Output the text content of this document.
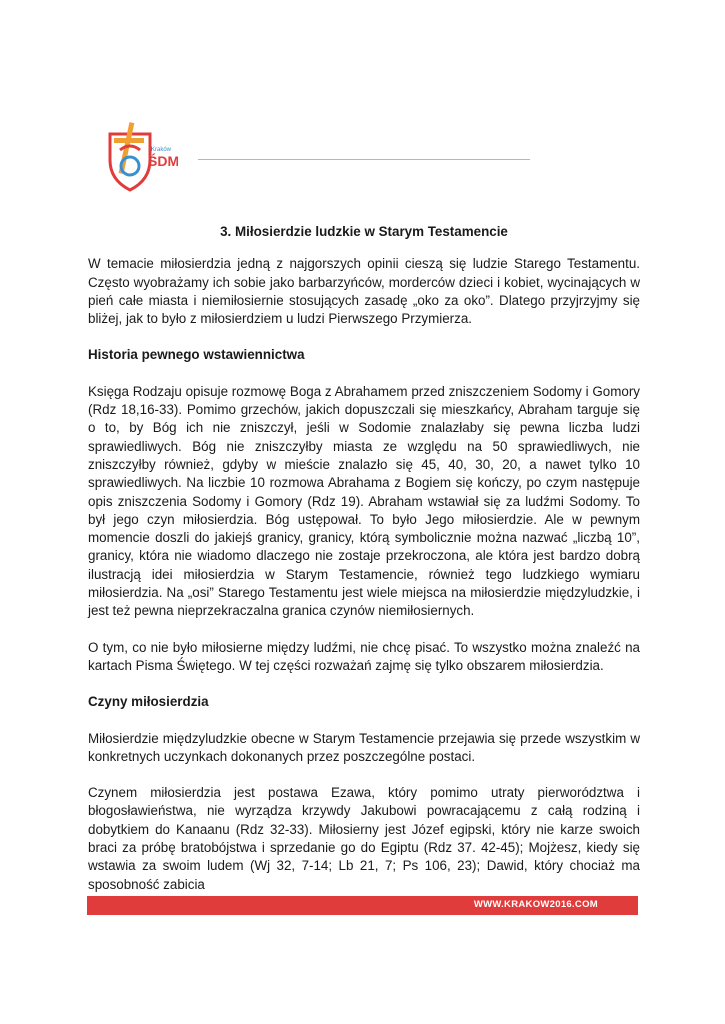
Kraków
ŚDM
3. Miłosierdzie ludzkie w Starym Testamencie
W temacie miłosierdzia jedną z najgorszych opinii cieszą się ludzie Starego Testamentu. Często wyobrażamy ich sobie jako barbarzyńców, morderców dzieci i kobiet, wycinających w pień całe miasta i niemiłosiernie stosujących zasadę „oko za oko”. Dlatego przyjrzyjmy się bliżej, jak to było z miłosierdziem u ludzi Pierwszego Przymierza.
Historia pewnego wstawiennictwa
Księga Rodzaju opisuje rozmowę Boga z Abrahamem przed zniszczeniem Sodomy i Gomory (Rdz 18,16-33). Pomimo grzechów, jakich dopuszczali się mieszkańcy, Abraham targuje się o to, by Bóg ich nie zniszczył, jeśli w Sodomie znalazłaby się pewna liczba ludzi sprawiedliwych. Bóg nie zniszczyłby miasta ze względu na 50 sprawiedliwych, nie zniszczyłby również, gdyby w mieście znalazło się 45, 40, 30, 20, a nawet tylko 10 sprawiedliwych. Na liczbie 10 rozmowa Abrahama z Bogiem się kończy, po czym następuje opis zniszczenia Sodomy i Gomory (Rdz 19). Abraham wstawiał się za ludźmi Sodomy. To był jego czyn miłosierdzia. Bóg ustępował. To było Jego miłosierdzie. Ale w pewnym momencie doszli do jakiejś granicy, granicy, którą symbolicznie można nazwać „liczbą 10”, granicy, która nie wiadomo dlaczego nie zostaje przekroczona, ale która jest bardzo dobrą ilustracją idei miłosierdzia w Starym Testamencie, również tego ludzkiego wymiaru miłosierdzia. Na „osi” Starego Testamentu jest wiele miejsca na miłosierdzie międzyludzkie, i jest też pewna nieprzekraczalna granica czynów niemiłosiernych.
O tym, co nie było miłosierne między ludźmi, nie chcę pisać. To wszystko można znaleźć na kartach Pisma Świętego. W tej części rozważań zajmę się tylko obszarem miłosierdzia.
Czyny miłosierdzia
Miłosierdzie międzyludzkie obecne w Starym Testamencie przejawia się przede wszystkim w konkretnych uczynkach dokonanych przez poszczególne postaci.
Czynem miłosierdzia jest postawa Ezawa, który pomimo utraty pierworództwa i błogosławieństwa, nie wyrządza krzywdy Jakubowi powracającemu z całą rodziną i dobytkiem do Kanaanu (Rdz 32-33). Miłosierny jest Józef egipski, który nie karze swoich braci za próbę bratobójstwa i sprzedanie go do Egiptu (Rdz 37. 42-45); Mojżesz, kiedy się wstawia za swoim ludem (Wj 32, 7-14; Lb 21, 7; Ps 106, 23); Dawid, który chociaż ma sposobność zabicia
WWW.KRAKOW2016.COM
